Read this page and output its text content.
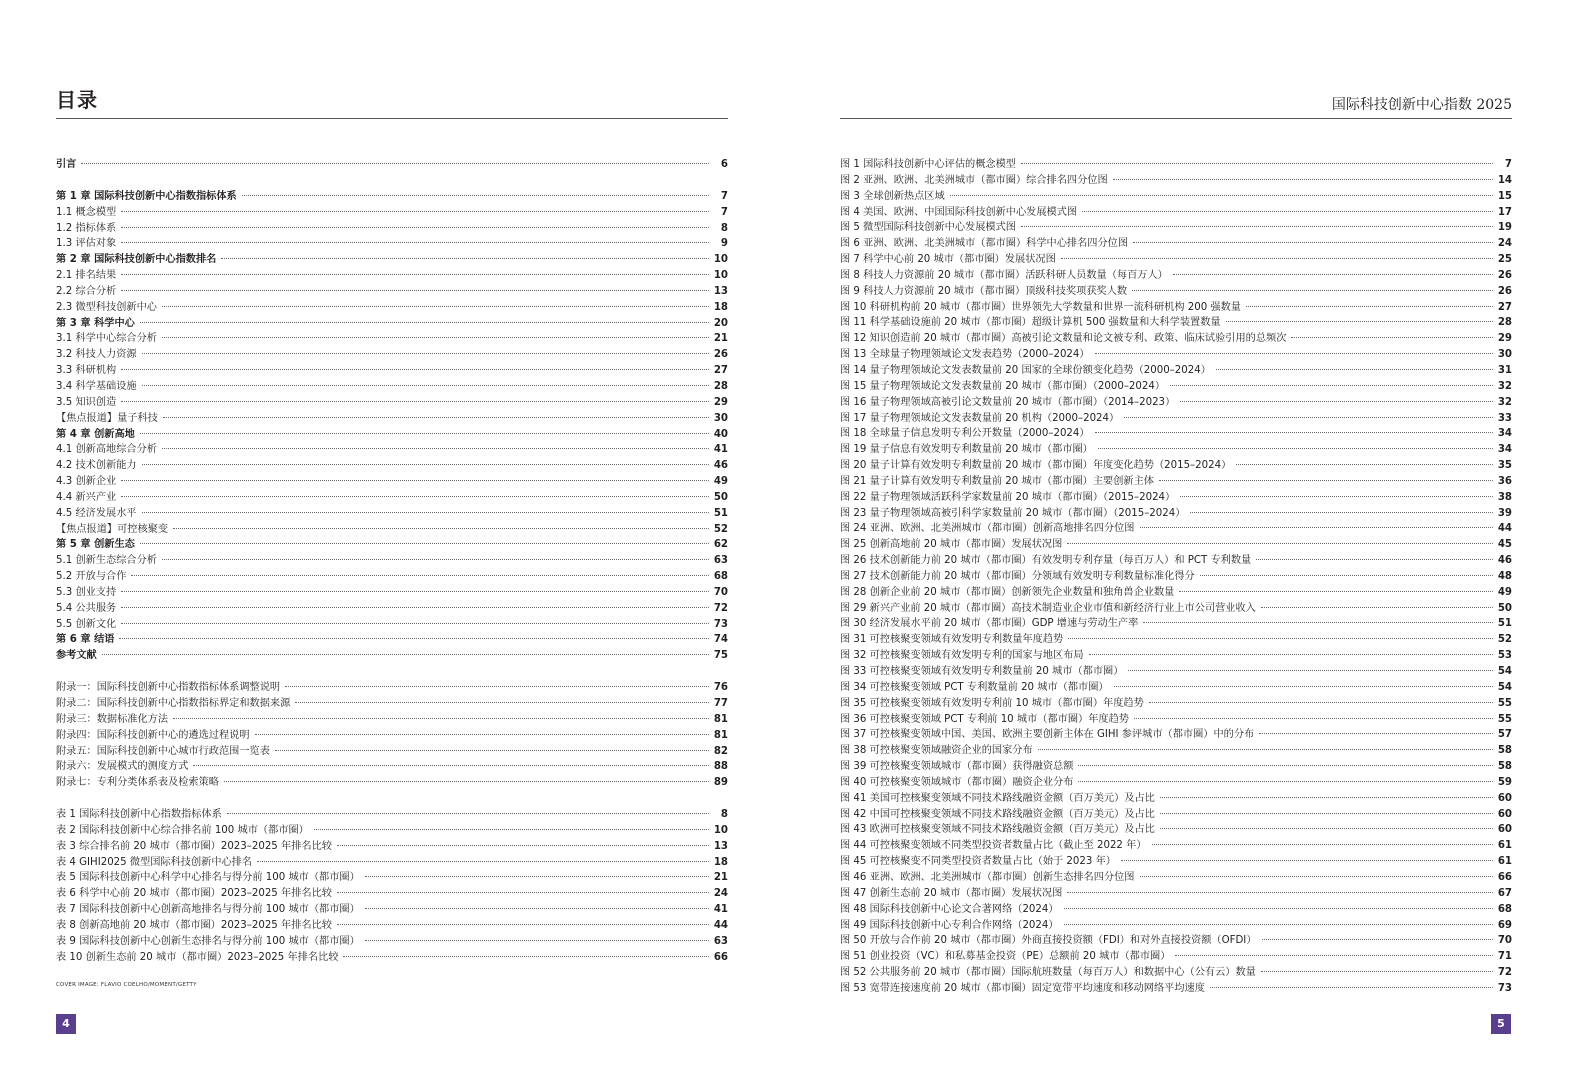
目录
引言	6
第 1 章 国际科技创新中心指数指标体系	7
1.1 概念模型	7
1.2 指标体系	8
1.3 评估对象	9
第 2 章 国际科技创新中心指数排名	10
2.1 排名结果	10
2.2 综合分析	13
2.3 微型科技创新中心	18
第 3 章 科学中心	20
3.1 科学中心综合分析	21
3.2 科技人力资源	26
3.3 科研机构	27
3.4 科学基础设施	28
3.5 知识创造	29
【焦点报道】量子科技	30
第 4 章 创新高地	40
4.1 创新高地综合分析	41
4.2 技术创新能力	46
4.3 创新企业	49
4.4 新兴产业	50
4.5 经济发展水平	51
【焦点报道】可控核聚变	52
第 5 章 创新生态	62
5.1 创新生态综合分析	63
5.2 开放与合作	68
5.3 创业支持	70
5.4 公共服务	72
5.5 创新文化	73
第 6 章 结语	74
参考文献	75
附录一：国际科技创新中心指数指标体系调整说明	76
附录二：国际科技创新中心指数指标界定和数据来源	77
附录三：数据标准化方法	81
附录四：国际科技创新中心的遴选过程说明	81
附录五：国际科技创新中心城市行政范围一览表	82
附录六：发展模式的测度方式	88
附录七：专利分类体系表及检索策略	89
表 1 国际科技创新中心指数指标体系	8
表 2 国际科技创新中心综合排名前 100 城市（都市圈）	10
表 3 综合排名前 20 城市（都市圈）2023–2025 年排名比较	13
表 4 GIHI2025 微型国际科技创新中心排名	18
表 5 国际科技创新中心科学中心排名与得分前 100 城市（都市圈）	21
表 6 科学中心前 20 城市（都市圈）2023–2025 年排名比较	24
表 7 国际科技创新中心创新高地排名与得分前 100 城市（都市圈）	41
表 8 创新高地前 20 城市（都市圈）2023–2025 年排名比较	44
表 9 国际科技创新中心创新生态排名与得分前 100 城市（都市圈）	63
表 10 创新生态前 20 城市（都市圈）2023–2025 年排名比较	66
COVER IMAGE: FLAVIO COELHO/MOMENT/GETTY
4
国际科技创新中心指数 2025
图 1 国际科技创新中心评估的概念模型	7
图 2 亚洲、欧洲、北美洲城市（都市圈）综合排名四分位图	14
图 3 全球创新热点区域	15
图 4 美国、欧洲、中国国际科技创新中心发展模式图	17
图 5 微型国际科技创新中心发展模式图	19
图 6 亚洲、欧洲、北美洲城市（都市圈）科学中心排名四分位图	24
图 7 科学中心前 20 城市（都市圈）发展状况图	25
图 8 科技人力资源前 20 城市（都市圈）活跃科研人员数量（每百万人）	26
图 9 科技人力资源前 20 城市（都市圈）顶级科技奖项获奖人数	26
图 10 科研机构前 20 城市（都市圈）世界领先大学数量和世界一流科研机构 200 强数量	27
图 11 科学基础设施前 20 城市（都市圈）超级计算机 500 强数量和大科学装置数量	28
图 12 知识创造前 20 城市（都市圈）高被引论文数量和论文被专利、政策、临床试验引用的总频次	29
图 13 全球量子物理领域论文发表趋势（2000–2024）	30
图 14 量子物理领域论文发表数量前 20 国家的全球份额变化趋势（2000–2024）	31
图 15 量子物理领域论文发表数量前 20 城市（都市圈）（2000–2024）	32
图 16 量子物理领域高被引论文数量前 20 城市（都市圈）（2014–2023）	32
图 17 量子物理领域论文发表数量前 20 机构（2000–2024）	33
图 18 全球量子信息发明专利公开数量（2000–2024）	34
图 19 量子信息有效发明专利数量前 20 城市（都市圈）	34
图 20 量子计算有效发明专利数量前 20 城市（都市圈）年度变化趋势（2015–2024）	35
图 21 量子计算有效发明专利数量前 20 城市（都市圈）主要创新主体	36
图 22 量子物理领域活跃科学家数量前 20 城市（都市圈）（2015–2024）	38
图 23 量子物理领域高被引科学家数量前 20 城市（都市圈）（2015–2024）	39
图 24 亚洲、欧洲、北美洲城市（都市圈）创新高地排名四分位图	44
图 25 创新高地前 20 城市（都市圈）发展状况图	45
图 26 技术创新能力前 20 城市（都市圈）有效发明专利存量（每百万人）和 PCT 专利数量	46
图 27 技术创新能力前 20 城市（都市圈）分领域有效发明专利数量标准化得分	48
图 28 创新企业前 20 城市（都市圈）创新领先企业数量和独角兽企业数量	49
图 29 新兴产业前 20 城市（都市圈）高技术制造业企业市值和新经济行业上市公司营业收入	50
图 30 经济发展水平前 20 城市（都市圈）GDP 增速与劳动生产率	51
图 31 可控核聚变领域有效发明专利数量年度趋势	52
图 32 可控核聚变领域有效发明专利的国家与地区布局	53
图 33 可控核聚变领域有效发明专利数量前 20 城市（都市圈）	54
图 34 可控核聚变领域 PCT 专利数量前 20 城市（都市圈）	54
图 35 可控核聚变领域有效发明专利前 10 城市（都市圈）年度趋势	55
图 36 可控核聚变领域 PCT 专利前 10 城市（都市圈）年度趋势	55
图 37 可控核聚变领域中国、美国、欧洲主要创新主体在 GIHI 参评城市（都市圈）中的分布	57
图 38 可控核聚变领域融资企业的国家分布	58
图 39 可控核聚变领域城市（都市圈）获得融资总额	58
图 40 可控核聚变领域城市（都市圈）融资企业分布	59
图 41 美国可控核聚变领域不同技术路线融资金额（百万美元）及占比	60
图 42 中国可控核聚变领域不同技术路线融资金额（百万美元）及占比	60
图 43 欧洲可控核聚变领域不同技术路线融资金额（百万美元）及占比	60
图 44 可控核聚变领域不同类型投资者数量占比（截止至 2022 年）	61
图 45 可控核聚变不同类型投资者数量占比（始于 2023 年）	61
图 46 亚洲、欧洲、北美洲城市（都市圈）创新生态排名四分位图	66
图 47 创新生态前 20 城市（都市圈）发展状况图	67
图 48 国际科技创新中心论文合著网络（2024）	68
图 49 国际科技创新中心专利合作网络（2024）	69
图 50 开放与合作前 20 城市（都市圈）外商直接投资额（FDI）和对外直接投资额（OFDI）	70
图 51 创业投资（VC）和私募基金投资（PE）总额前 20 城市（都市圈）	71
图 52 公共服务前 20 城市（都市圈）国际航班数量（每百万人）和数据中心（公有云）数量	72
图 53 宽带连接速度前 20 城市（都市圈）固定宽带平均速度和移动网络平均速度	73
5
